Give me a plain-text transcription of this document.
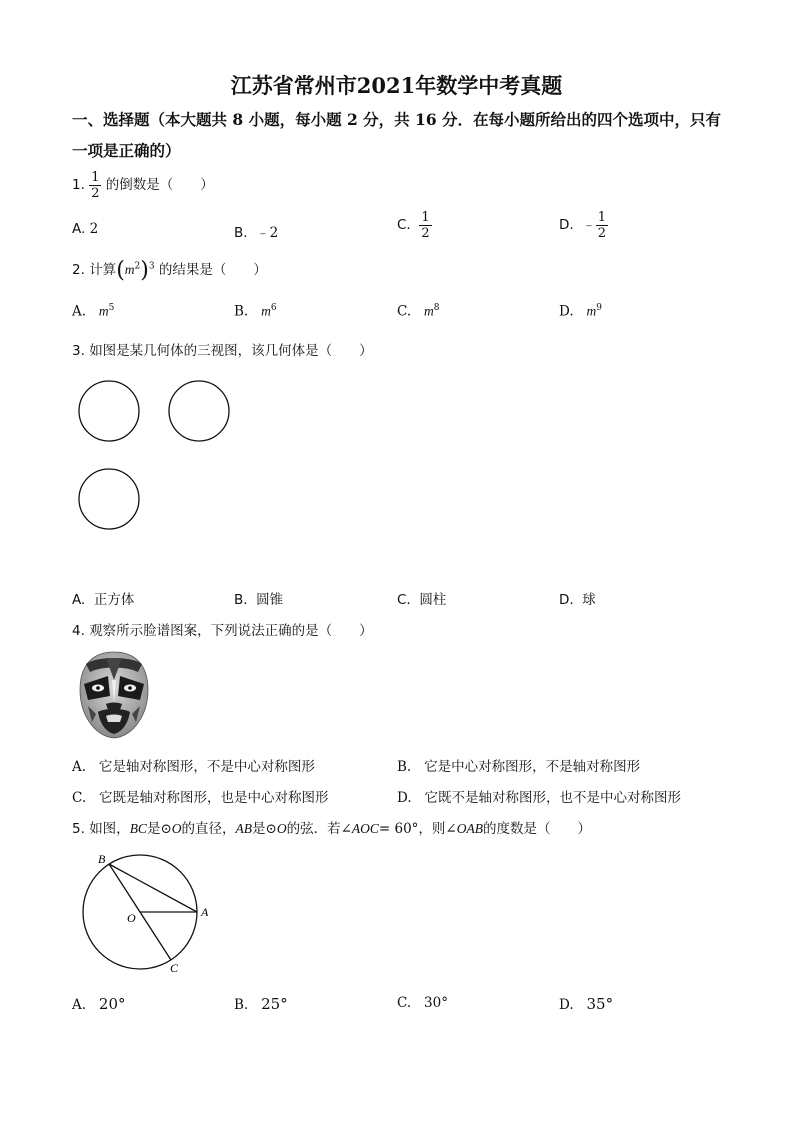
江苏省常州市2021年数学中考真题
一、选择题（本大题共 8 小题，每小题 2 分，共 16 分．在每小题所给出的四个选项中，只有
一项是正确的）
1. $\frac{1}{2}$ 的倒数是（　　）
A. 2	B. ﹣2	C. $\frac{1}{2}$	D. ﹣ $\frac{1}{2}$
2. 计算$(m^2)^3$ 的结果是（　　）
A. $m^5$	B. $m^6$	C. $m^8$	D. $m^9$
3. 如图是某几何体的三视图，该几何体是（　　）
A. 正方体	B. 圆锥	C. 圆柱	D. 球
4. 观察所示脸谱图案，下列说法正确的是（　　）
A. 它是轴对称图形，不是中心对称图形	B. 它是中心对称图形，不是轴对称图形
C. 它既是轴对称图形，也是中心对称图形	D. 它既不是轴对称图形，也不是中心对称图形
5. 如图，BC是⊙O的直径，AB是⊙O的弦．若∠AOC= 60°，则∠OAB的度数是（　　）
B
O	A
C
A. 20°	B. 25°	C. 30°	D. 35°
